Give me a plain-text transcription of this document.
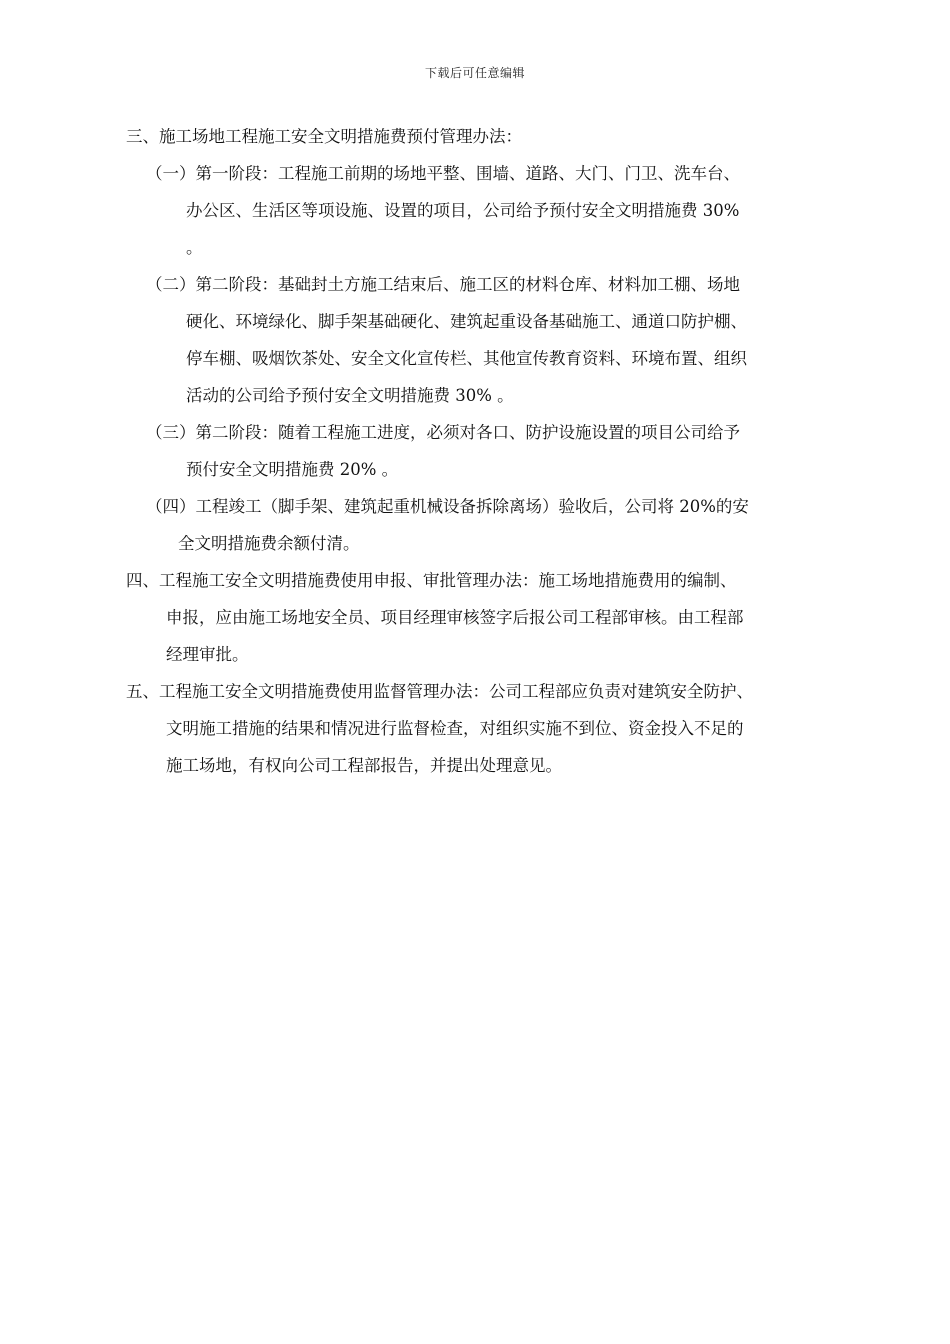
下载后可任意编辑
三、施工场地工程施工安全文明措施费预付管理办法：
（一）第一阶段：工程施工前期的场地平整、围墙、道路、大门、门卫、洗车台、
办公区、生活区等项设施、设置的项目，公司给予预付安全文明措施费 30%
。
（二）第二阶段：基础封土方施工结束后、施工区的材料仓库、材料加工棚、场地
硬化、环境绿化、脚手架基础硬化、建筑起重设备基础施工、通道口防护棚、
停车棚、吸烟饮茶处、安全文化宣传栏、其他宣传教育资料、环境布置、组织
活动的公司给予预付安全文明措施费 30% 。
（三）第二阶段：随着工程施工进度，必须对各口、防护设施设置的项目公司给予
预付安全文明措施费 20% 。
（四）工程竣工（脚手架、建筑起重机械设备拆除离场）验收后，公司将 20%的安
全文明措施费余额付清。
四、工程施工安全文明措施费使用申报、审批管理办法：施工场地措施费用的编制、
申报，应由施工场地安全员、项目经理审核签字后报公司工程部审核。由工程部
经理审批。
五、工程施工安全文明措施费使用监督管理办法：公司工程部应负责对建筑安全防护、
文明施工措施的结果和情况进行监督检查，对组织实施不到位、资金投入不足的
施工场地，有权向公司工程部报告，并提出处理意见。
